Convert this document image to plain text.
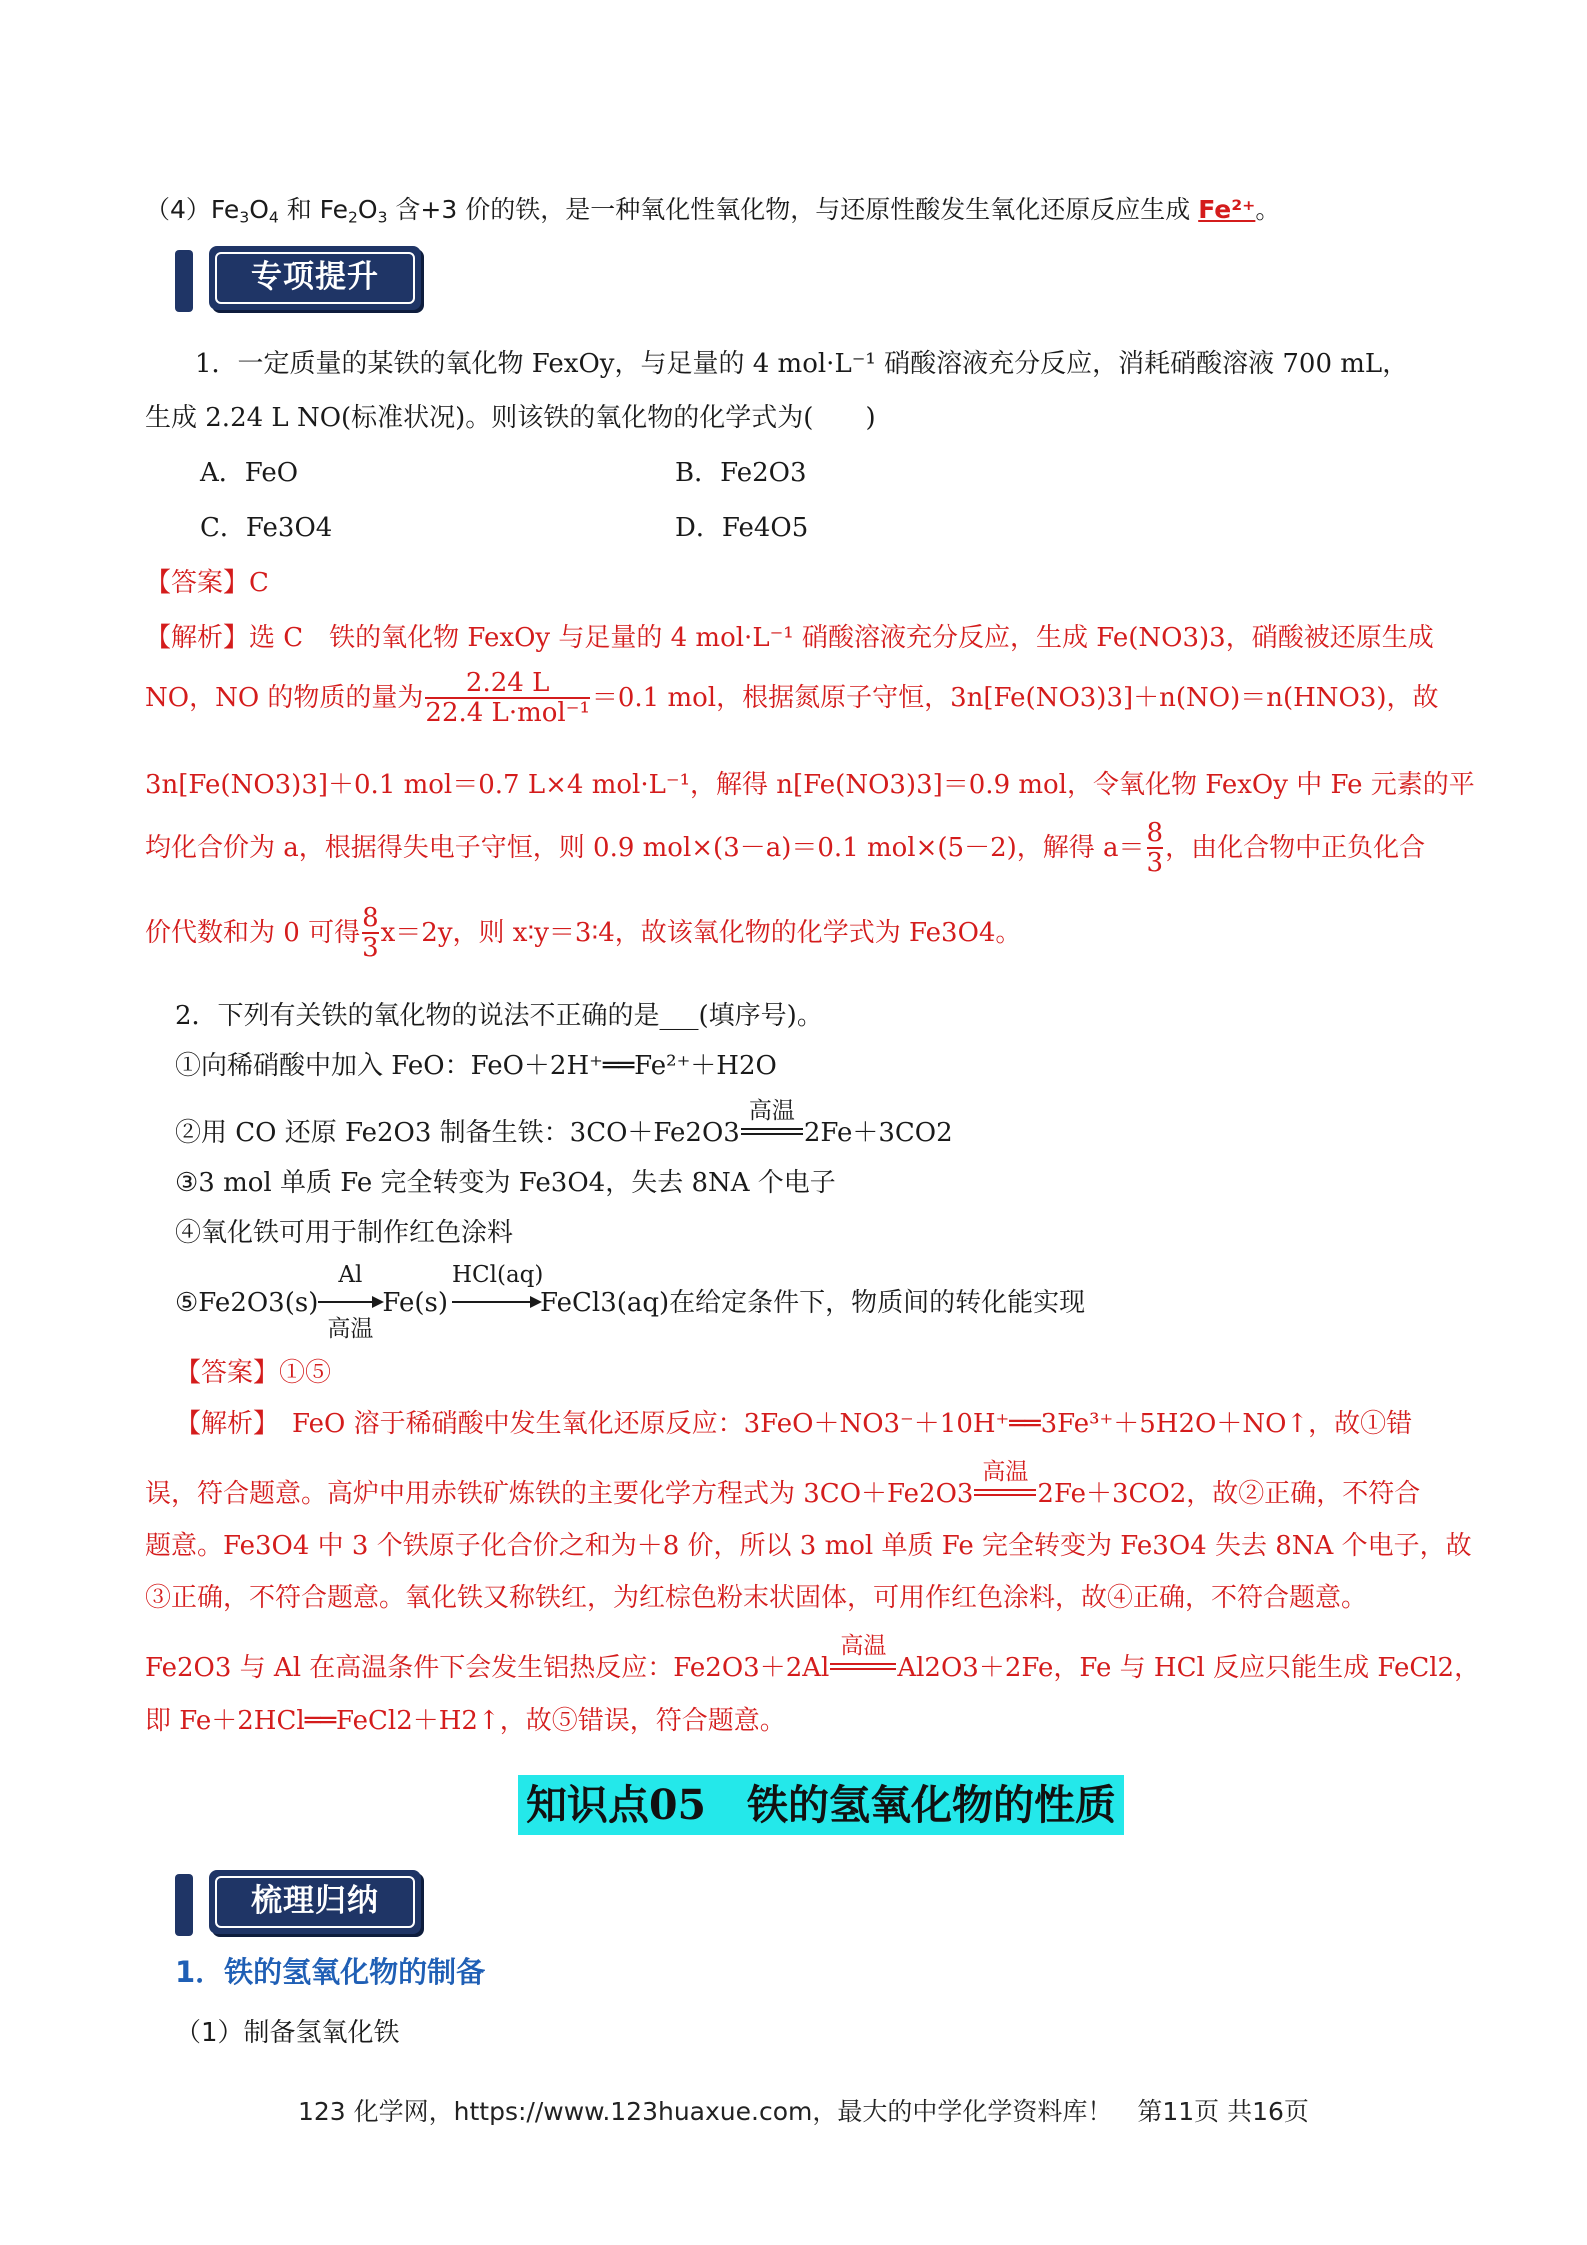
$(4)Fe_3O_4$ 和 $Fe_2O_3$ 含+3 价的铁，是一种氧化性氧化物，与还原性酸发生氧化还原反应生成 Fe²⁺。
专项提升
1．一定质量的某铁的氧化物 FexOy，与足量的 4 mol·L⁻¹ 硝酸溶液充分反应，消耗硝酸溶液 700 mL，
生成 2.24 L NO(标准状况)。则该铁的氧化物的化学式为(　　)
A．FeO	B．Fe2O3
C．Fe3O4	D．Fe4O5
【答案】C
【解析】选 C　铁的氧化物 FexOy 与足量的 4 mol·L⁻¹ 硝酸溶液充分反应，生成 Fe(NO3)3，硝酸被还原生成
NO，NO 的物质的量为 $\frac{2.24 L}{\text{22.4 L·mol⁻¹}} =0.1$ mol，根据氮原子守恒，3n[Fe(NO3)3]＋n(NO)＝n(HNO3)，故
3n[Fe(NO3)3]＋0.1 mol＝0.7 L×4 mol·L⁻¹，解得 n[Fe(NO3)3]＝0.9 mol，令氧化物 FexOy 中 Fe 元素的平
均化合价为 a，根据得失电子守恒，则 0.9 mol×(3－a)＝0.1 mol×(5－2)，解得 $a= \frac{8}{3}$ ，由化合物中正负化合
价代数和为 0 可得 $\frac{8}{3} x=2y$，则 x∶y＝3∶4，故该氧化物的化学式为 Fe3O4。
2．下列有关铁的氧化物的说法不正确的是___(填序号)。
①向稀硝酸中加入 FeO：FeO＋2H⁺══Fe²⁺＋H2O
②用 CO 还原 Fe2O3 制备生铁：3CO＋Fe2O3
高温
2Fe＋3CO2
③3 mol 单质 Fe 完全转变为 Fe3O4，失去 8NA 个电子
④氧化铁可用于制作红色涂料
⑤Fe2O3(s)
Al
高温
Fe(s)
HCl(aq)
FeCl3(aq)在给定条件下，物质间的转化能实现
【答案】①⑤
【解析】　FeO 溶于稀硝酸中发生氧化还原反应：3FeO＋NO3⁻＋10H⁺══3Fe³⁺＋5H2O＋NO↑，故①错
误，符合题意。高炉中用赤铁矿炼铁的主要化学方程式为 3CO＋Fe2O3
高温
2Fe＋3CO2，故②正确，不符合
题意。Fe3O4 中 3 个铁原子化合价之和为＋8 价，所以 3 mol 单质 Fe 完全转变为 Fe3O4 失去 8NA 个电子，故
③正确，不符合题意。氧化铁又称铁红，为红棕色粉末状固体，可用作红色涂料，故④正确，不符合题意。
Fe2O3 与 Al 在高温条件下会发生铝热反应：Fe2O3＋2Al
高温
Al2O3＋2Fe，Fe 与 HCl 反应只能生成 FeCl2，
即 Fe＋2HCl══FeCl2＋H2↑，故⑤错误，符合题意。
知识点05　铁的氢氧化物的性质
梳理归纳
1．铁的氢氧化物的制备
（1）制备氢氧化铁
123 化学网，https://www.123huaxue.com，最大的中学化学资料库！　第11页 共16页
